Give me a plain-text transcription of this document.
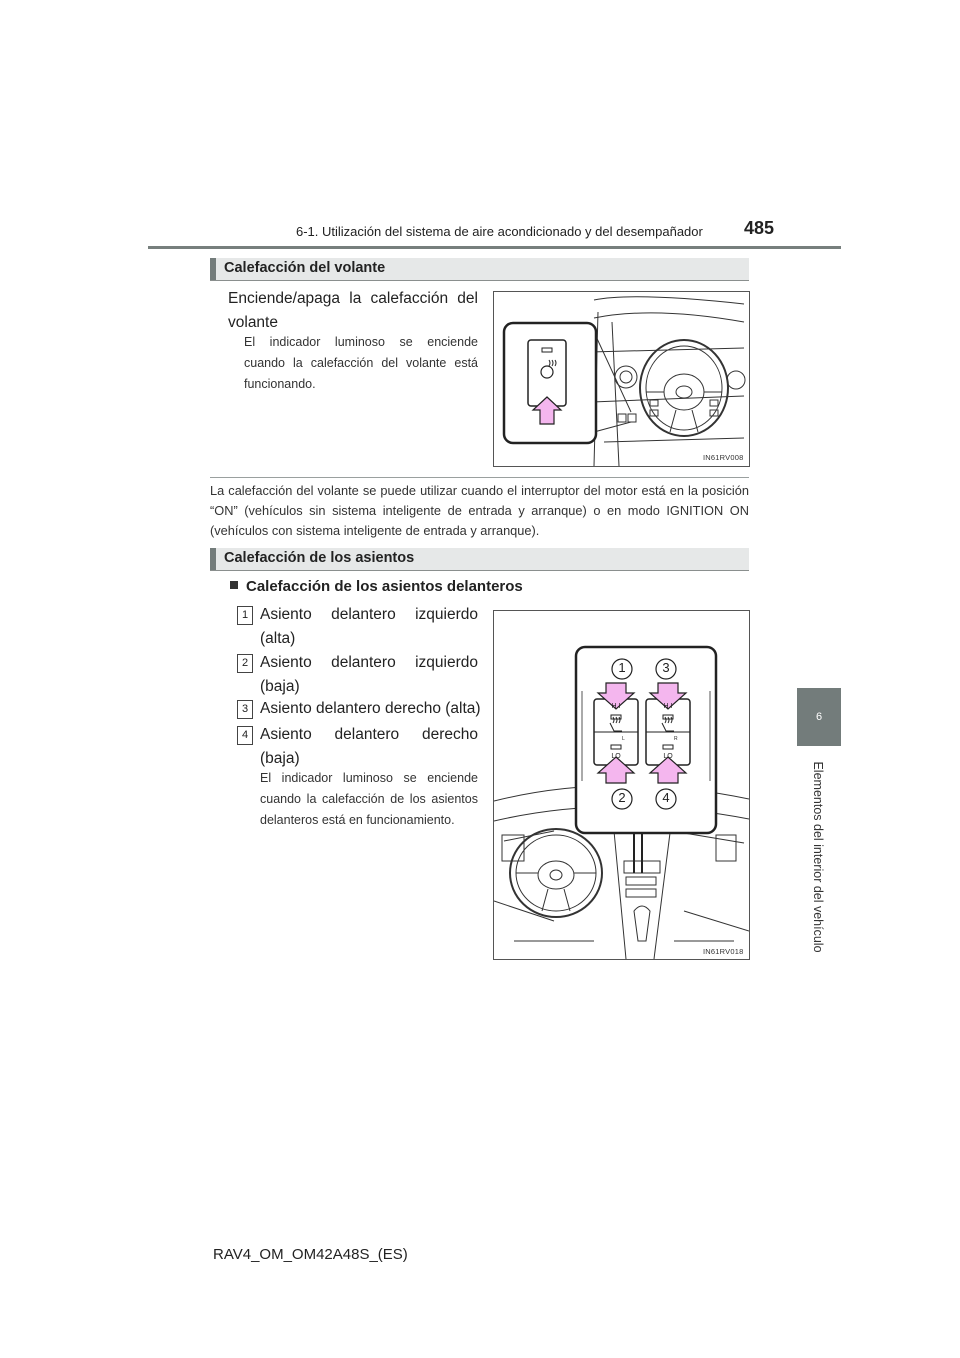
6-1. Utilización del sistema de aire acondicionado y del desempañador 485
6
Elementos del interior del vehículo
Calefacción del volante
Enciende/apaga la calefacción del volante
El indicador luminoso se enciende cuando la calefacción del volante está funcionando.
IN61RV008
La calefacción del volante se puede utilizar cuando el interruptor del motor está en la posición “ON” (vehículos sin sistema inteligente de entrada y arranque) o en modo IGNITION ON (vehículos con sistema inteligente de entrada y arranque).
Calefacción de los asientos
Calefacción de los asientos delanteros
1 Asiento delantero izquierdo (alta)
2 Asiento delantero izquierdo (baja)
3 Asiento delantero derecho (alta)
4 Asiento delantero derecho (baja)
El indicador luminoso se enciende cuando la calefacción de los asientos delanteros está en funcionamiento.
H I	H I
LO	LO
L	R
1
2
3
4
IN61RV018
RAV4_OM_OM42A48S_(ES)
